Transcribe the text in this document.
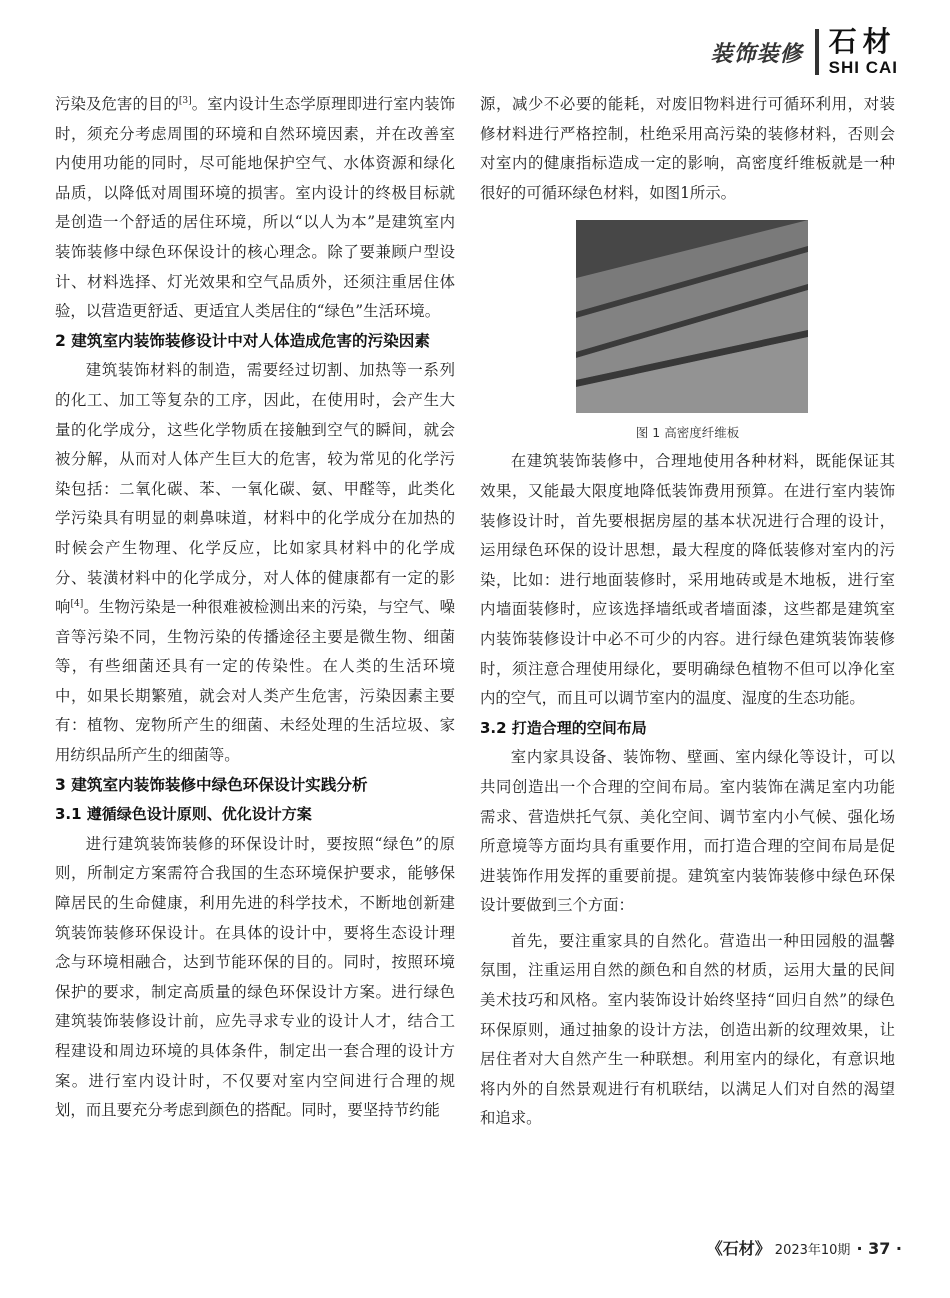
装饰装修 石材
SHI CAI

污染及危害的目的[3]。室内设计生态学原理即进行室内装饰时，须充分考虑周围的环境和自然环境因素，并在改善室内使用功能的同时，尽可能地保护空气、水体资源和绿化品质，以降低对周围环境的损害。室内设计的终极目标就是创造一个舒适的居住环境，所以“以人为本”是建筑室内装饰装修中绿色环保设计的核心理念。除了要兼顾户型设计、材料选择、灯光效果和空气品质外，还须注重居住体验，以营造更舒适、更适宜人类居住的“绿色”生活环境。

2 建筑室内装饰装修设计中对人体造成危害的污染因素

建筑装饰材料的制造，需要经过切割、加热等一系列的化工、加工等复杂的工序，因此，在使用时，会产生大量的化学成分，这些化学物质在接触到空气的瞬间，就会被分解，从而对人体产生巨大的危害，较为常见的化学污染包括：二氧化碳、苯、一氧化碳、氨、甲醛等，此类化学污染具有明显的刺鼻味道，材料中的化学成分在加热的时候会产生物理、化学反应，比如家具材料中的化学成分、装潢材料中的化学成分，对人体的健康都有一定的影响[4]。生物污染是一种很难被检测出来的污染，与空气、噪音等污染不同，生物污染的传播途径主要是微生物、细菌等，有些细菌还具有一定的传染性。在人类的生活环境中，如果长期繁殖，就会对人类产生危害，污染因素主要有：植物、宠物所产生的细菌、未经处理的生活垃圾、家用纺织品所产生的细菌等。

3 建筑室内装饰装修中绿色环保设计实践分析
3.1 遵循绿色设计原则、优化设计方案

进行建筑装饰装修的环保设计时，要按照“绿色”的原则，所制定方案需符合我国的生态环境保护要求，能够保障居民的生命健康，利用先进的科学技术，不断地创新建筑装饰装修环保设计。在具体的设计中，要将生态设计理念与环境相融合，达到节能环保的目的。同时，按照环境保护的要求，制定高质量的绿色环保设计方案。进行绿色建筑装饰装修设计前，应先寻求专业的设计人才，结合工程建设和周边环境的具体条件，制定出一套合理的设计方案。进行室内设计时，不仅要对室内空间进行合理的规划，而且要充分考虑到颜色的搭配。同时，要坚持节约能

源，减少不必要的能耗，对废旧物料进行可循环利用，对装修材料进行严格控制，杜绝采用高污染的装修材料，否则会对室内的健康指标造成一定的影响，高密度纤维板就是一种很好的可循环绿色材料，如图1所示。

图 1 高密度纤维板

在建筑装饰装修中，合理地使用各种材料，既能保证其效果，又能最大限度地降低装饰费用预算。在进行室内装饰装修设计时，首先要根据房屋的基本状况进行合理的设计，运用绿色环保的设计思想，最大程度的降低装修对室内的污染，比如：进行地面装修时，采用地砖或是木地板，进行室内墙面装修时，应该选择墙纸或者墙面漆，这些都是建筑室内装饰装修设计中必不可少的内容。进行绿色建筑装饰装修时，须注意合理使用绿化，要明确绿色植物不但可以净化室内的空气，而且可以调节室内的温度、湿度的生态功能。

3.2 打造合理的空间布局

室内家具设备、装饰物、壁画、室内绿化等设计，可以共同创造出一个合理的空间布局。室内装饰在满足室内功能需求、营造烘托气氛、美化空间、调节室内小气候、强化场所意境等方面均具有重要作用，而打造合理的空间布局是促进装饰作用发挥的重要前提。建筑室内装饰装修中绿色环保设计要做到三个方面：

首先，要注重家具的自然化。营造出一种田园般的温馨氛围，注重运用自然的颜色和自然的材质，运用大量的民间美术技巧和风格。室内装饰设计始终坚持“回归自然”的绿色环保原则，通过抽象的设计方法，创造出新的纹理效果，让居住者对大自然产生一种联想。利用室内的绿化，有意识地将内外的自然景观进行有机联结，以满足人们对自然的渴望和追求。

《石材》 2023年10期 · 37 ·
